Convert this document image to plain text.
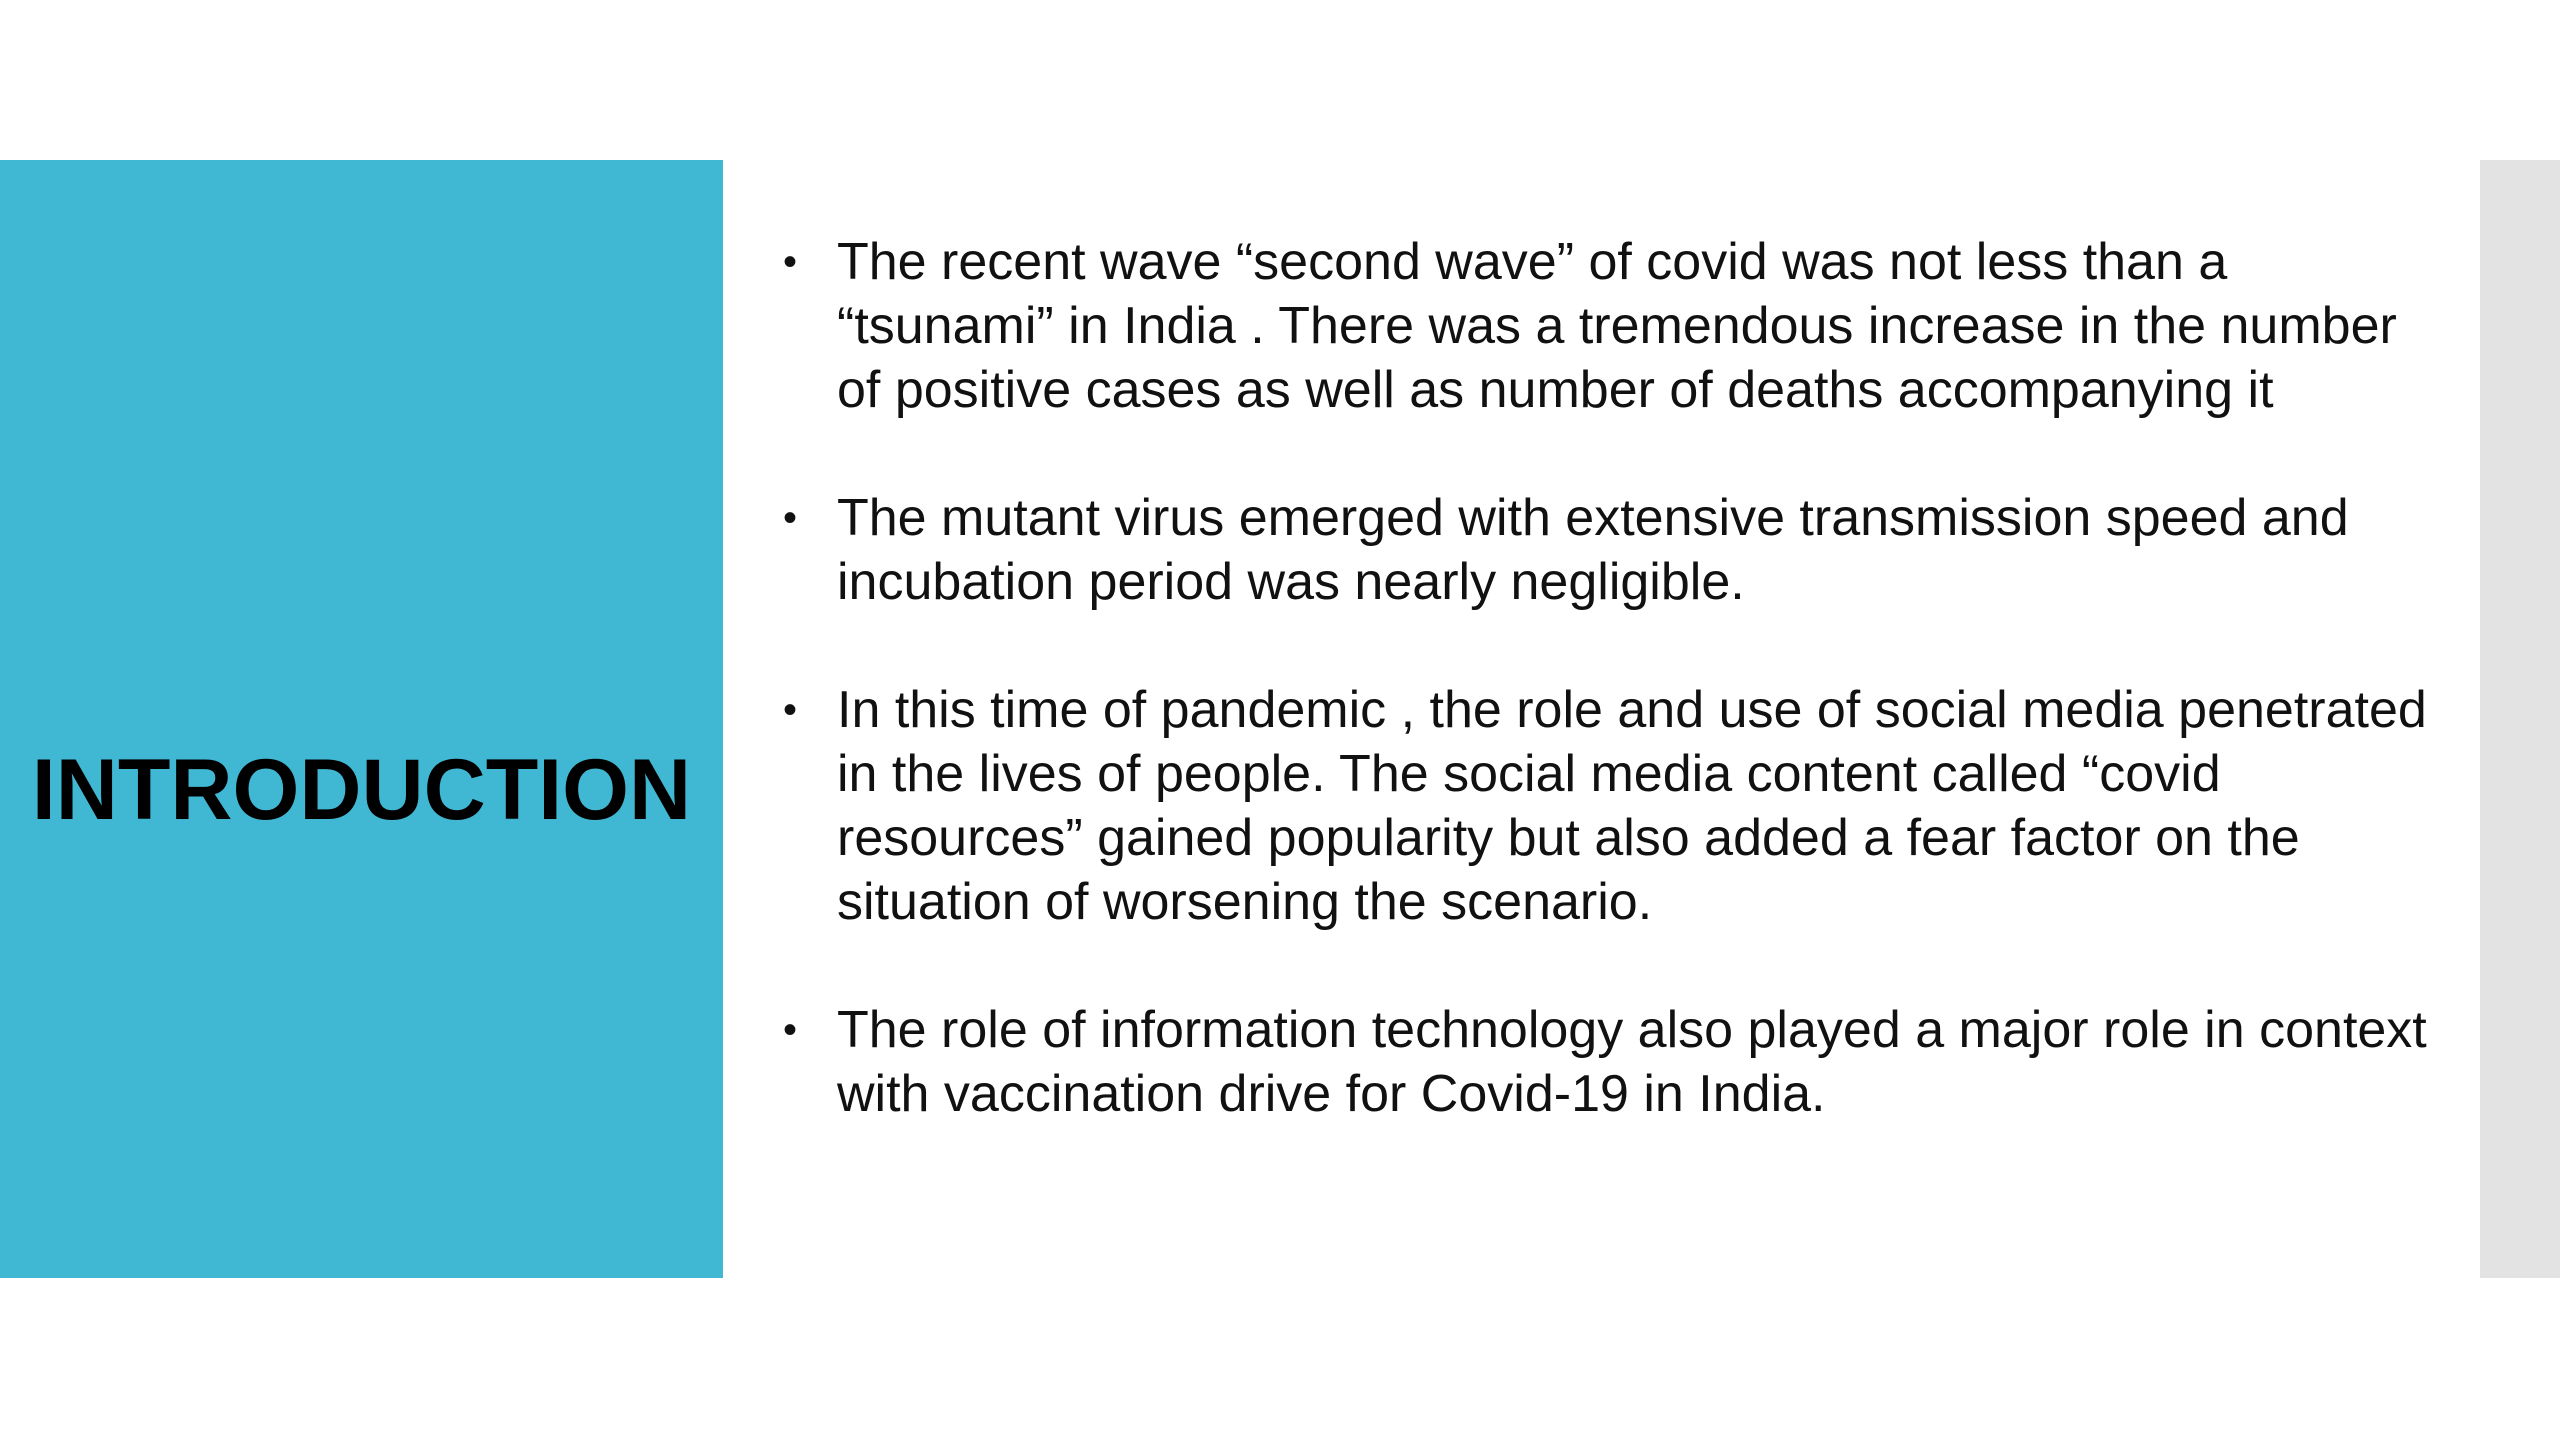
INTRODUCTION
• The recent wave “second wave” of covid was not less than a “tsunami” in India . There was a tremendous increase in the number of positive cases as well as number of deaths accompanying it
• The mutant virus emerged with extensive transmission speed and incubation period was nearly negligible.
• In this time of pandemic , the role and use of social media penetrated in the lives of people. The social media content called “covid resources” gained popularity but also added a fear factor on the situation of worsening the scenario.
• The role of information technology also played a major role in context with vaccination drive for Covid-19 in India.
